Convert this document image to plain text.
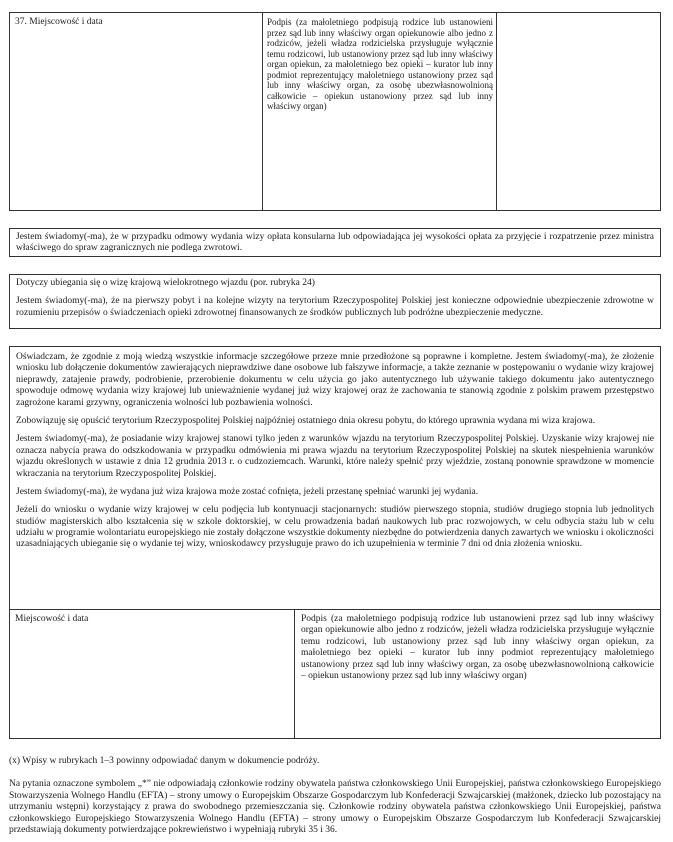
37. Miejscowość i data	Podpis (za małoletniego podpisują rodzice lub ustanowieni przez sąd lub inny właściwy organ opiekunowie albo jedno z rodziców, jeżeli władza rodzicielska przysługuje wyłącznie temu rodzicowi, lub ustanowiony przez sąd lub inny właściwy organ opiekun, za małoletniego bez opieki – kurator lub inny podmiot reprezentujący małoletniego ustanowiony przez sąd lub inny właściwy organ, za osobę ubezwłasnowolnioną całkowicie – opiekun ustanowiony przez sąd lub inny właściwy organ)

Jestem świadomy(-ma), że w przypadku odmowy wydania wizy opłata konsularna lub odpowiadająca jej wysokości opłata za przyjęcie i rozpatrzenie przez ministra właściwego do spraw zagranicznych nie podlega zwrotowi.

Dotyczy ubiegania się o wizę krajową wielokrotnego wjazdu (por. rubryka 24)

Jestem świadomy(-ma), że na pierwszy pobyt i na kolejne wizyty na terytorium Rzeczypospolitej Polskiej jest konieczne odpowiednie ubezpieczenie zdrowotne w rozumieniu przepisów o świadczeniach opieki zdrowotnej finansowanych ze środków publicznych lub podróżne ubezpieczenie medyczne.

Oświadczam, że zgodnie z moją wiedzą wszystkie informacje szczegółowe przeze mnie przedłożone są poprawne i kompletne. Jestem świadomy(-ma), że złożenie wniosku lub dołączenie dokumentów zawierających nieprawdziwe dane osobowe lub fałszywe informacje, a także zeznanie w postępowaniu o wydanie wizy krajowej nieprawdy, zatajenie prawdy, podrobienie, przerobienie dokumentu w celu użycia go jako autentycznego lub używanie takiego dokumentu jako autentycznego spowoduje odmowę wydania wizy krajowej lub unieważnienie wydanej już wizy krajowej oraz że zachowania te stanowią zgodnie z polskim prawem przestępstwo zagrożone karami grzywny, ograniczenia wolności lub pozbawienia wolności.

Zobowiązuję się opuścić terytorium Rzeczypospolitej Polskiej najpóźniej ostatniego dnia okresu pobytu, do którego uprawnia wydana mi wiza krajowa.

Jestem świadomy(-ma), że posiadanie wizy krajowej stanowi tylko jeden z warunków wjazdu na terytorium Rzeczypospolitej Polskiej. Uzyskanie wizy krajowej nie oznacza nabycia prawa do odszkodowania w przypadku odmówienia mi prawa wjazdu na terytorium Rzeczypospolitej Polskiej na skutek niespełnienia warunków wjazdu określonych w ustawie z dnia 12 grudnia 2013 r. o cudzoziemcach. Warunki, które należy spełnić przy wjeździe, zostaną ponownie sprawdzone w momencie wkraczania na terytorium Rzeczypospolitej Polskiej.

Jestem świadomy(-ma), że wydana już wiza krajowa może zostać cofnięta, jeżeli przestanę spełniać warunki jej wydania.

Jeżeli do wniosku o wydanie wizy krajowej w celu podjęcia lub kontynuacji stacjonarnych: studiów pierwszego stopnia, studiów drugiego stopnia lub jednolitych studiów magisterskich albo kształcenia się w szkole doktorskiej, w celu prowadzenia badań naukowych lub prac rozwojowych, w celu odbycia stażu lub w celu udziału w programie wolontariatu europejskiego nie zostały dołączone wszystkie dokumenty niezbędne do potwierdzenia danych zawartych we wniosku i okoliczności uzasadniających ubieganie się o wydanie tej wizy, wnioskodawcy przysługuje prawo do ich uzupełnienia w terminie 7 dni od dnia złożenia wniosku.

Miejscowość i data	Podpis (za małoletniego podpisują rodzice lub ustanowieni przez sąd lub inny właściwy organ opiekunowie albo jedno z rodziców, jeżeli władza rodzicielska przysługuje wyłącznie temu rodzicowi, lub ustanowiony przez sąd lub inny właściwy organ opiekun, za małoletniego bez opieki – kurator lub inny podmiot reprezentujący małoletniego ustanowiony przez sąd lub inny właściwy organ, za osobę ubezwłasnowolnioną całkowicie – opiekun ustanowiony przez sąd lub inny właściwy organ)

(x) Wpisy w rubrykach 1–3 powinny odpowiadać danym w dokumencie podróży.

Na pytania oznaczone symbolem „*” nie odpowiadają członkowie rodziny obywatela państwa członkowskiego Unii Europejskiej, państwa członkowskiego Europejskiego Stowarzyszenia Wolnego Handlu (EFTA) – strony umowy o Europejskim Obszarze Gospodarczym lub Konfederacji Szwajcarskiej (małżonek, dziecko lub pozostający na utrzymaniu wstępni) korzystający z prawa do swobodnego przemieszczania się. Członkowie rodziny obywatela państwa członkowskiego Unii Europejskiej, państwa członkowskiego Europejskiego Stowarzyszenia Wolnego Handlu (EFTA) – strony umowy o Europejskim Obszarze Gospodarczym lub Konfederacji Szwajcarskiej przedstawiają dokumenty potwierdzające pokrewieństwo i wypełniają rubryki 35 i 36.
